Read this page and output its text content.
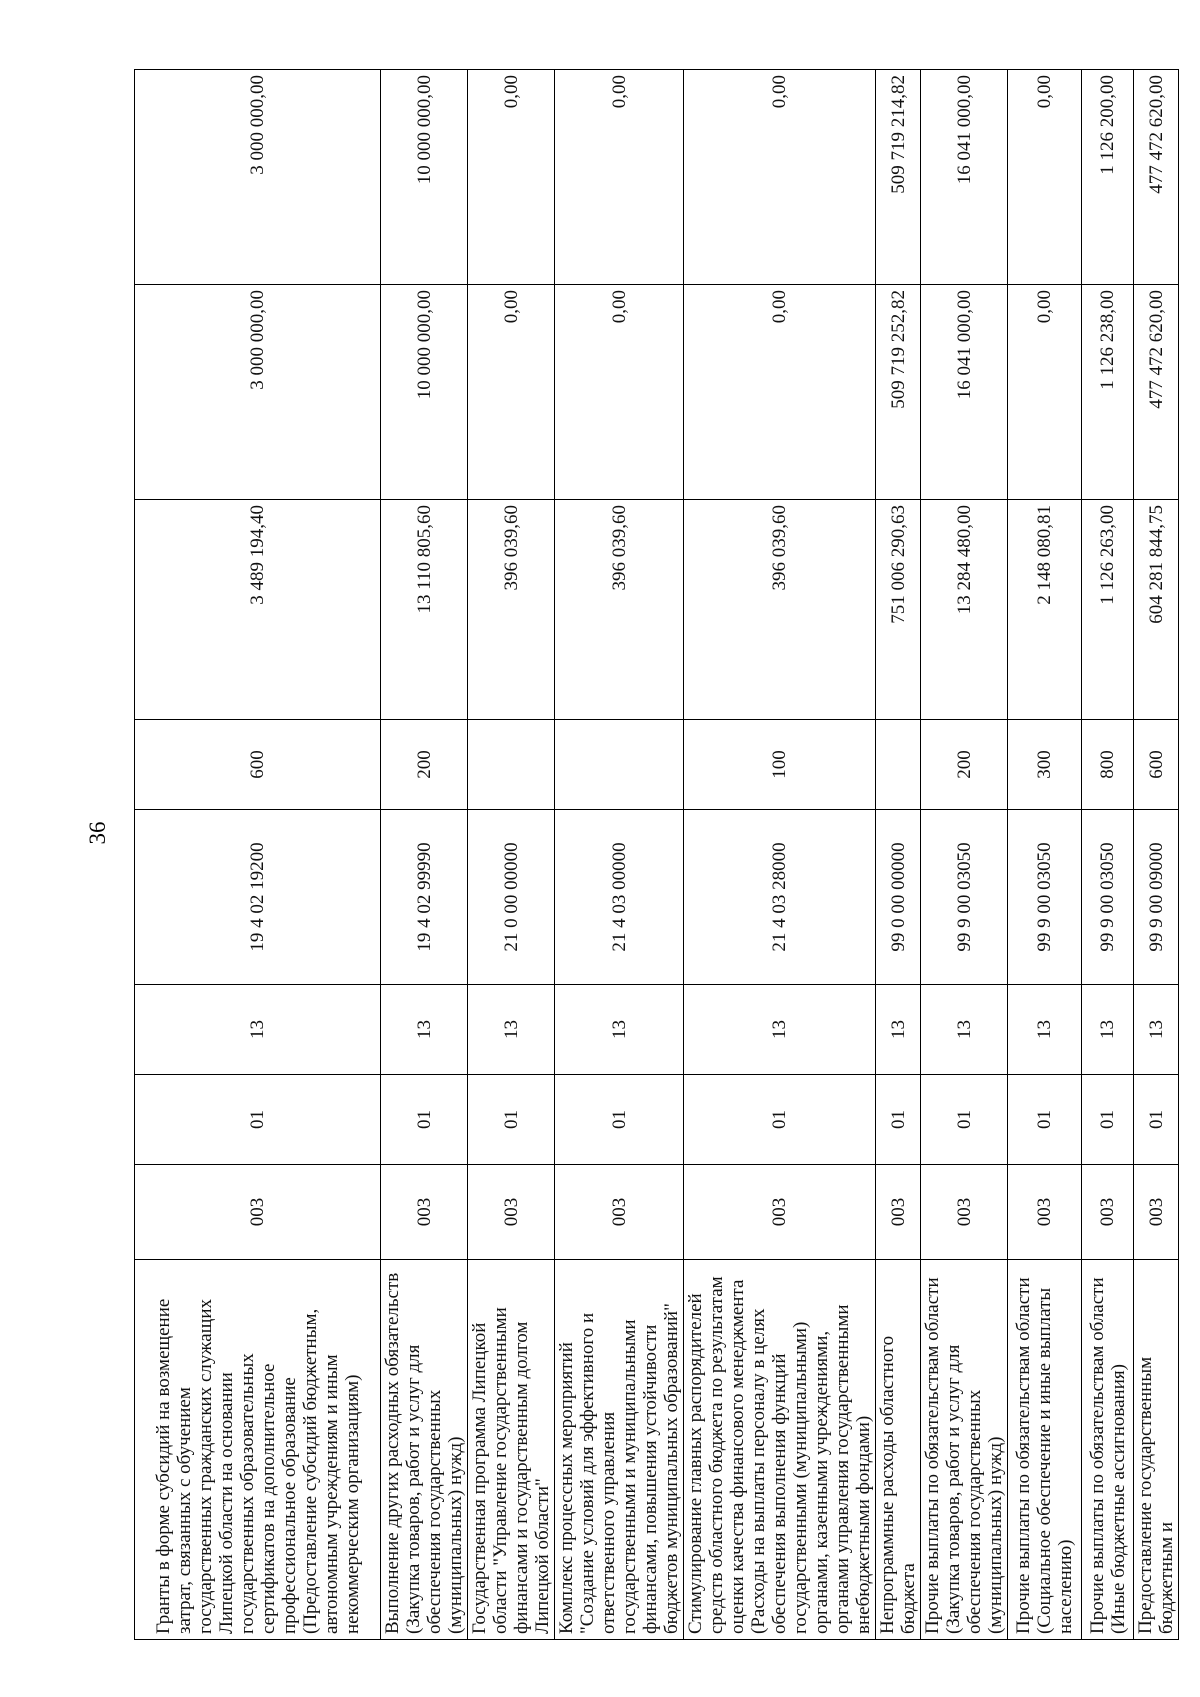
36
Гранты в форме субсидий на возмещение затрат, связанных с обучением государственных гражданских служащих Липецкой области на основании государственных образовательных сертификатов на дополнительное профессиональное образование (Предоставление субсидий бюджетным, автономным учреждениям и иным некоммерческим организациям)	003	01	13	19 4 02 19200	600	3 489 194,40	3 000 000,00	3 000 000,00
Выполнение других расходных обязательств (Закупка товаров, работ и услуг для обеспечения государственных (муниципальных) нужд)	003	01	13	19 4 02 99990	200	13 110 805,60	10 000 000,00	10 000 000,00
Государственная программа Липецкой области "Управление государственными финансами и государственным долгом Липецкой области"	003	01	13	21 0 00 00000		396 039,60	0,00	0,00
Комплекс процессных мероприятий "Создание условий для эффективного и ответственного управления государственными и муниципальными финансами, повышения устойчивости бюджетов муниципальных образований"	003	01	13	21 4 03 00000		396 039,60	0,00	0,00
Стимулирование главных распорядителей средств областного бюджета по результатам оценки качества финансового менеджмента (Расходы на выплаты персоналу в целях обеспечения выполнения функций государственными (муниципальными) органами, казенными учреждениями, органами управления государственными внебюджетными фондами)	003	01	13	21 4 03 28000	100	396 039,60	0,00	0,00
Непрограммные расходы областного бюджета	003	01	13	99 0 00 00000		751 006 290,63	509 719 252,82	509 719 214,82
Прочие выплаты по обязательствам области (Закупка товаров, работ и услуг для обеспечения государственных (муниципальных) нужд)	003	01	13	99 9 00 03050	200	13 284 480,00	16 041 000,00	16 041 000,00
Прочие выплаты по обязательствам области (Социальное обеспечение и иные выплаты населению)	003	01	13	99 9 00 03050	300	2 148 080,81	0,00	0,00
Прочие выплаты по обязательствам области (Иные бюджетные ассигнования)	003	01	13	99 9 00 03050	800	1 126 263,00	1 126 238,00	1 126 200,00
Предоставление государственным бюджетным и	003	01	13	99 9 00 09000	600	604 281 844,75	477 472 620,00	477 472 620,00
